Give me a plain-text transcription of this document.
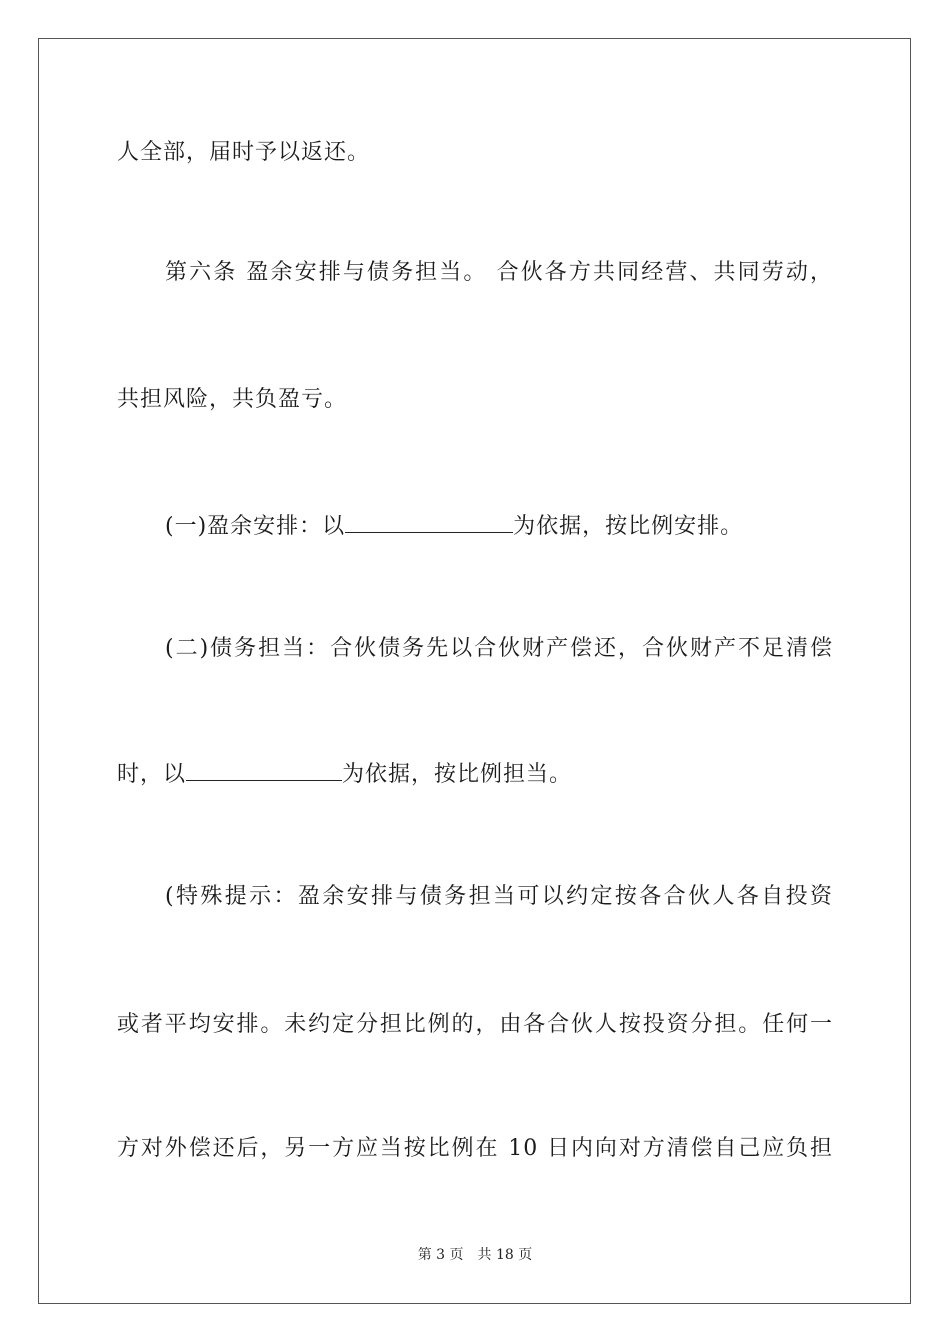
人全部，届时予以返还。
第六条 盈余安排与债务担当。 合伙各方共同经营、共同劳动，
共担风险，共负盈亏。
(一)盈余安排：以	为依据，按比例安排。
(二)债务担当：合伙债务先以合伙财产偿还，合伙财产不足清偿
时，以	为依据，按比例担当。
(特殊提示：盈余安排与债务担当可以约定按各合伙人各自投资
或者平均安排。未约定分担比例的，由各合伙人按投资分担。任何一
方对外偿还后，另一方应当按比例在 10 日内向对方清偿自己应负担
第 3 页 共 18 页
